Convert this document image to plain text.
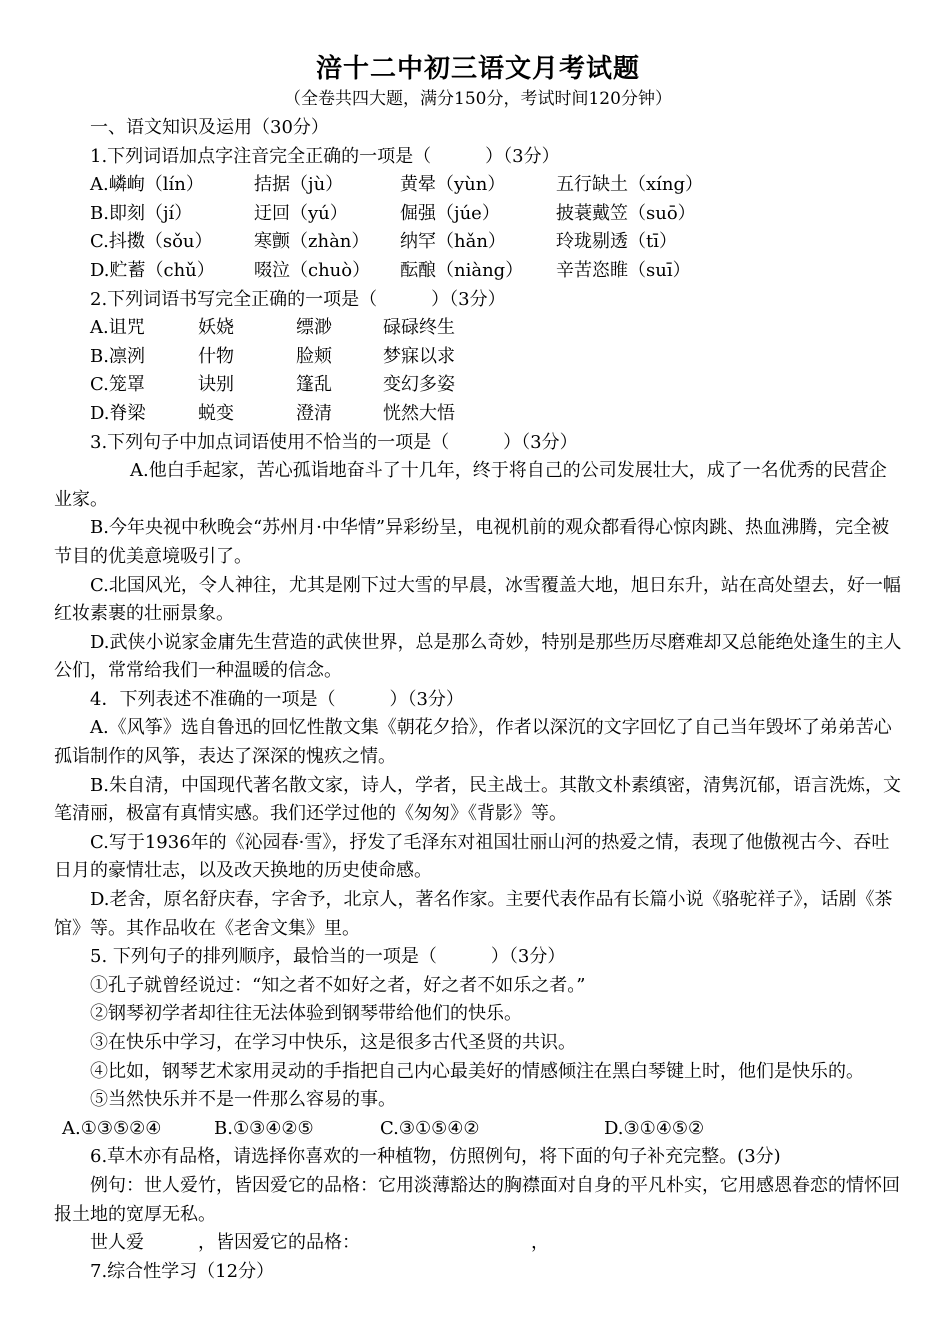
涪十二中初三语文月考试题
（全卷共四大题，满分150分，考试时间120分钟）
一、语文知识及运用（30分）
1.下列词语加点字注音完全正确的一项是（　　　）（3分）
A.嶙峋（lín）	拮据（jù）	黄晕（yùn）	五行缺土（xíng）
B.即刻（jí）	迂回（yú）	倔强（júe）	披蓑戴笠（suō）
C.抖擞（sǒu）	寒颤（zhàn）	纳罕（hǎn）	玲珑剔透（tī）
D.贮蓄（chǔ）	啜泣（chuò）	酝酿（niàng）	辛苦恣睢（suī）
2.下列词语书写完全正确的一项是（　　　）（3分）
A.诅咒	妖娆	缥渺	碌碌终生
B.凛洌	什物	脸颊	梦寐以求
C.笼罩	诀别	篷乱	变幻多姿
D.脊梁	蜕变	澄清	恍然大悟
3.下列句子中加点词语使用不恰当的一项是（　　　）（3分）
A.他白手起家，苦心孤诣地奋斗了十几年，终于将自己的公司发展壮大，成了一名优秀的民营企业家。
B.今年央视中秋晚会“苏州月·中华情”异彩纷呈，电视机前的观众都看得心惊肉跳、热血沸腾，完全被节目的优美意境吸引了。
C.北国风光，令人神往，尤其是刚下过大雪的早晨，冰雪覆盖大地，旭日东升，站在高处望去，好一幅红妆素裹的壮丽景象。
D.武侠小说家金庸先生营造的武侠世界，总是那么奇妙，特别是那些历尽磨难却又总能绝处逢生的主人公们，常常给我们一种温暖的信念。
4．下列表述不准确的一项是（　　　）（3分）
A.《风筝》选自鲁迅的回忆性散文集《朝花夕拾》，作者以深沉的文字回忆了自己当年毁坏了弟弟苦心孤诣制作的风筝，表达了深深的愧疚之情。
B.朱自清，中国现代著名散文家，诗人，学者，民主战士。其散文朴素缜密，清隽沉郁，语言洗炼，文笔清丽，极富有真情实感。我们还学过他的《匆匆》《背影》等。
C.写于1936年的《沁园春·雪》，抒发了毛泽东对祖国壮丽山河的热爱之情，表现了他傲视古今、吞吐日月的豪情壮志，以及改天换地的历史使命感。
D.老舍，原名舒庆春，字舍予，北京人，著名作家。主要代表作品有长篇小说《骆驼祥子》，话剧《茶馆》等。其作品收在《老舍文集》里。
5. 下列句子的排列顺序，最恰当的一项是（　　　）（3分）
①孔子就曾经说过：“知之者不如好之者，好之者不如乐之者。”
②钢琴初学者却往往无法体验到钢琴带给他们的快乐。
③在快乐中学习，在学习中快乐，这是很多古代圣贤的共识。
④比如，钢琴艺术家用灵动的手指把自己内心最美好的情感倾注在黑白琴键上时，他们是快乐的。
⑤当然快乐并不是一件那么容易的事。
A.①③⑤②④	B.①③④②⑤	C.③①⑤④②	D.③①④⑤②
6.草木亦有品格，请选择你喜欢的一种植物，仿照例句，将下面的句子补充完整。(3分)
例句：世人爱竹，皆因爱它的品格：它用淡薄豁达的胸襟面对自身的平凡朴实，它用感恩眷恋的情怀回报土地的宽厚无私。
世人爱　　　，皆因爱它的品格：　　　　　　　　　　，
7.综合性学习（12分）
